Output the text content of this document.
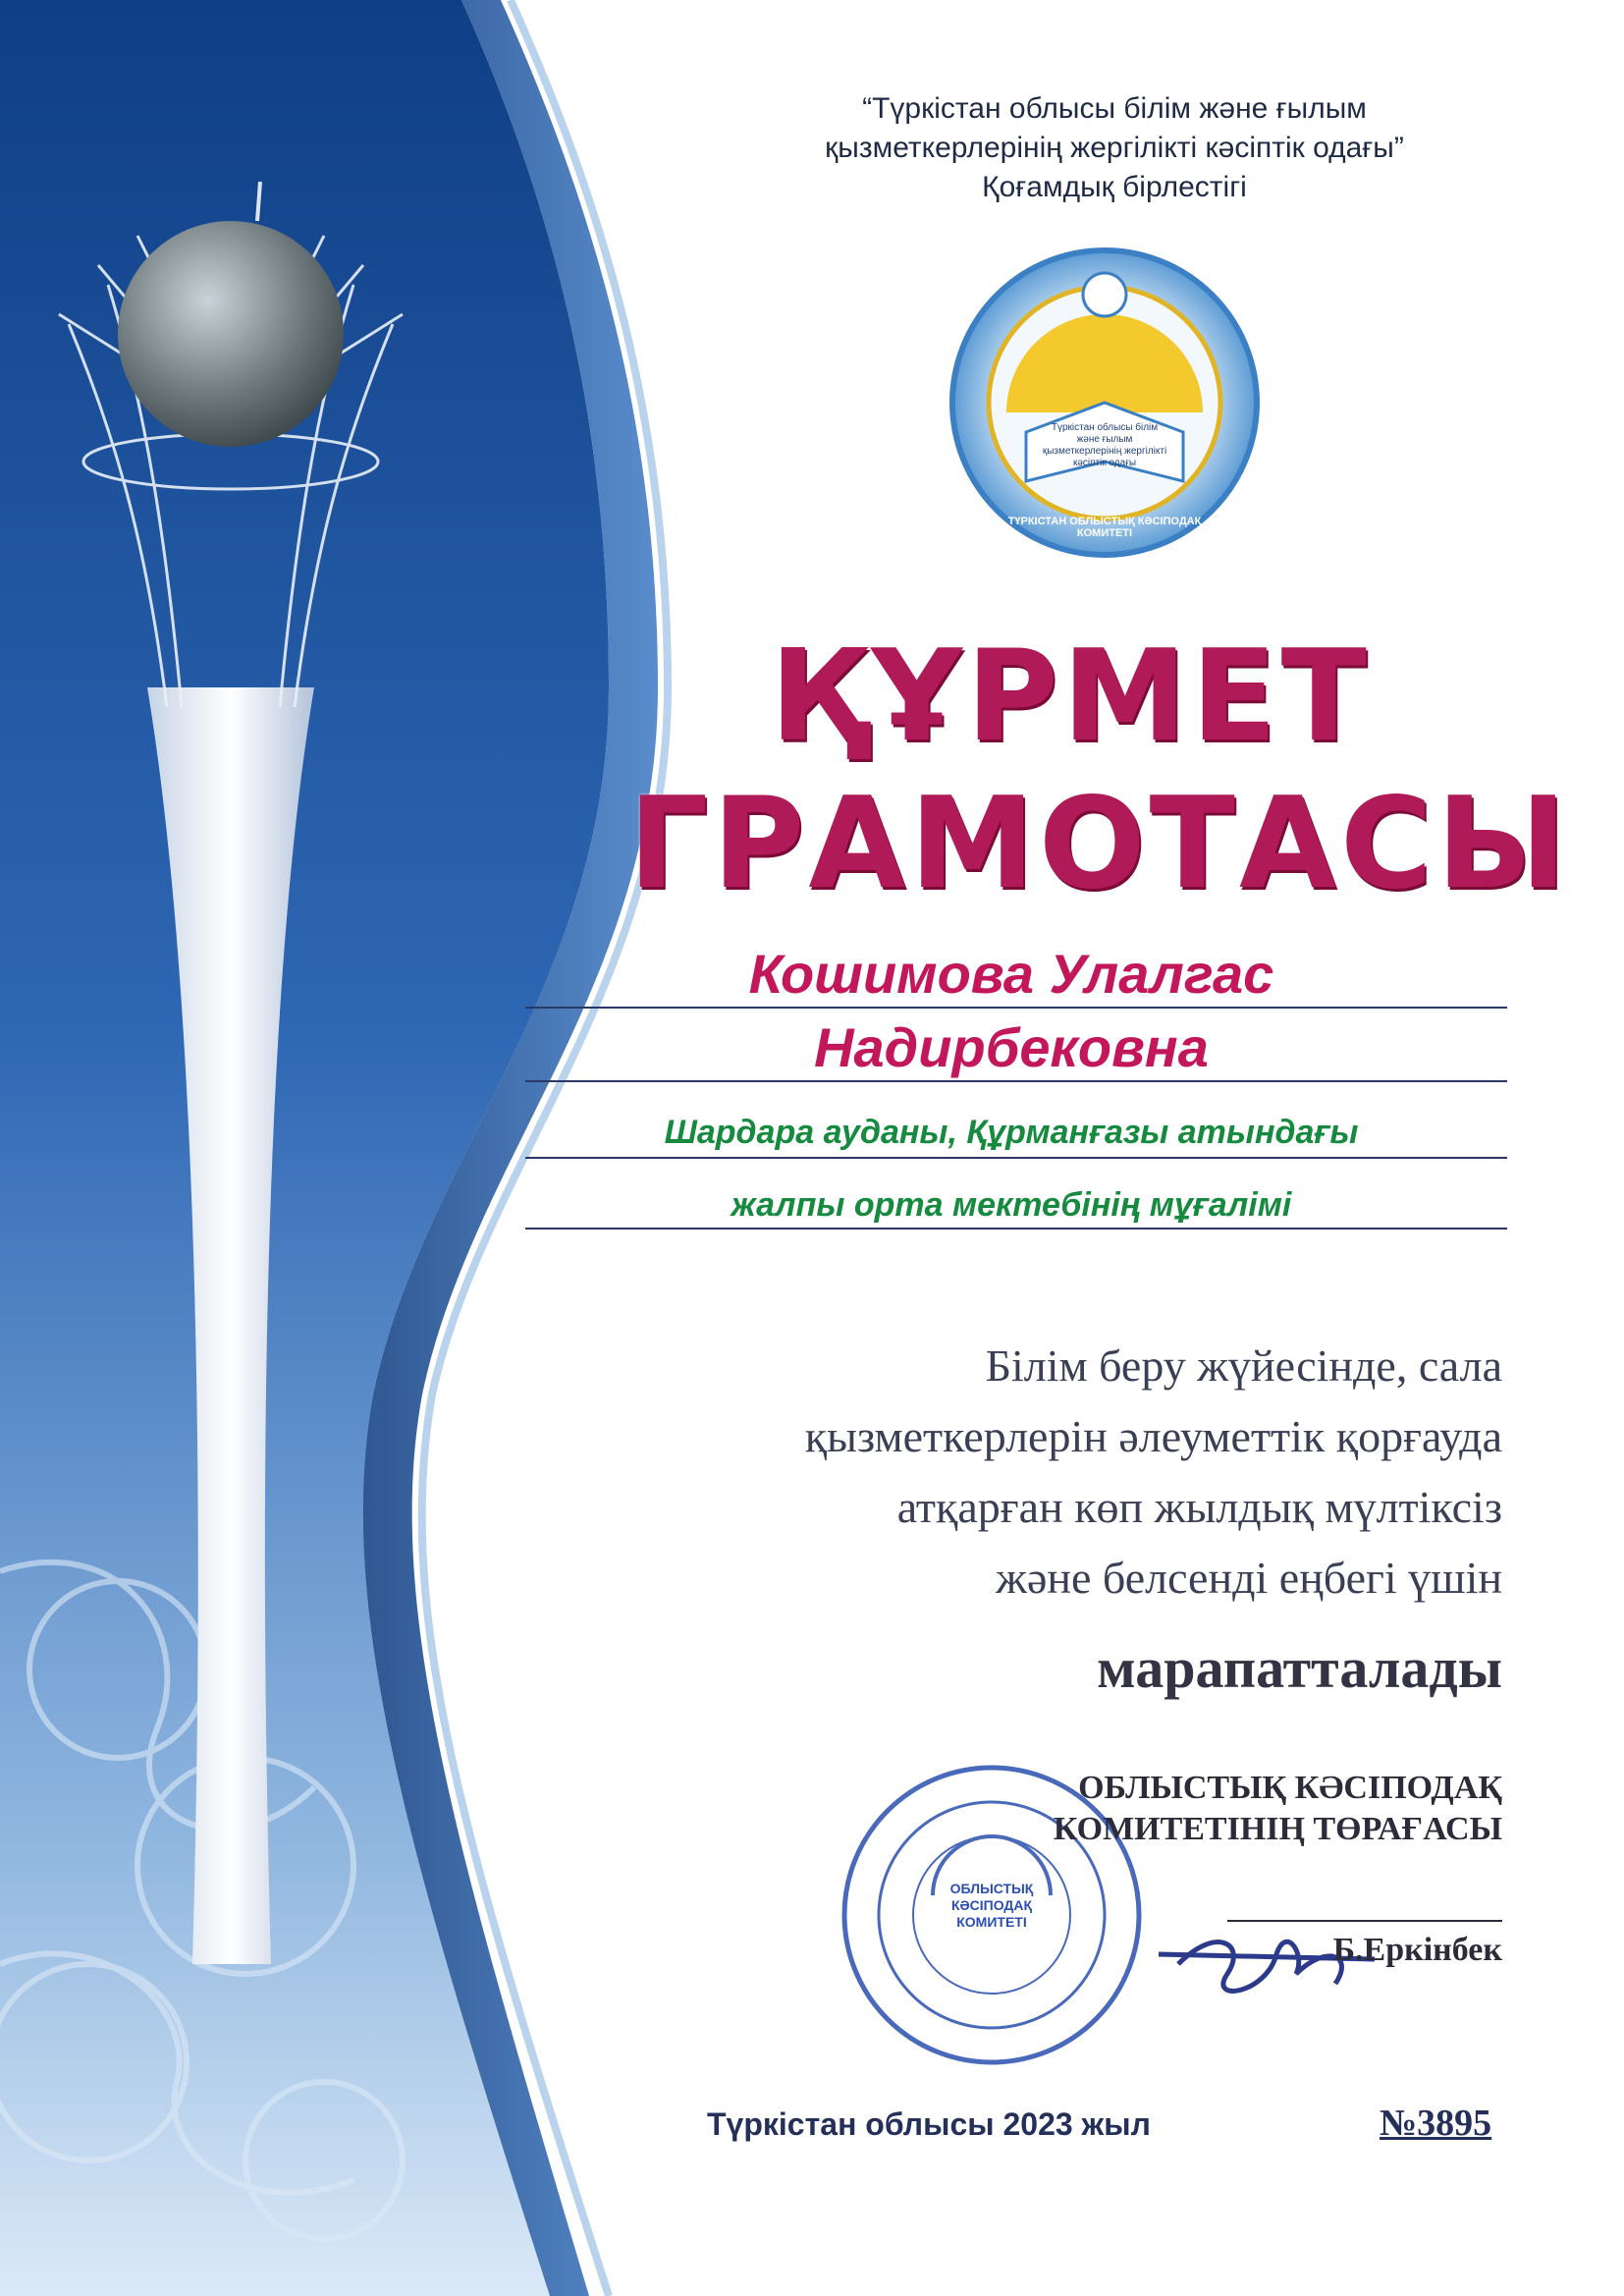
“Түркістан облысы білім және ғылым
қызметкерлерінің жергілікті кәсіптік одағы”
Қоғамдық бірлестігі
Түркістан облысы білім және ғылым қызметкерлерінің жергілікті кәсіптік одағы
ТҮРКІСТАН ОБЛЫСТЫҚ КӘСІПОДАҚ КОМИТЕТІ
ҚҰРМЕТ
ГРАМОТАСЫ
Кошимова Улалгас
Надирбековна
Шардара ауданы, Құрманғазы атындағы
жалпы орта мектебінің мұғалімі
Білім беру жүйесінде, сала
қызметкерлерін әлеуметтік қорғауда
атқарған көп жылдық мүлтіксіз
және белсенді еңбегі үшін
марапатталады
ОБЛЫСТЫҚ КӘСІПОДАҚ КОМИТЕТІ
ОБЛЫСТЫҚ КӘСІПОДАҚ
КОМИТЕТІНІҢ ТӨРАҒАСЫ
Б.Еркінбек
Түркістан облысы 2023 жыл	№3895
